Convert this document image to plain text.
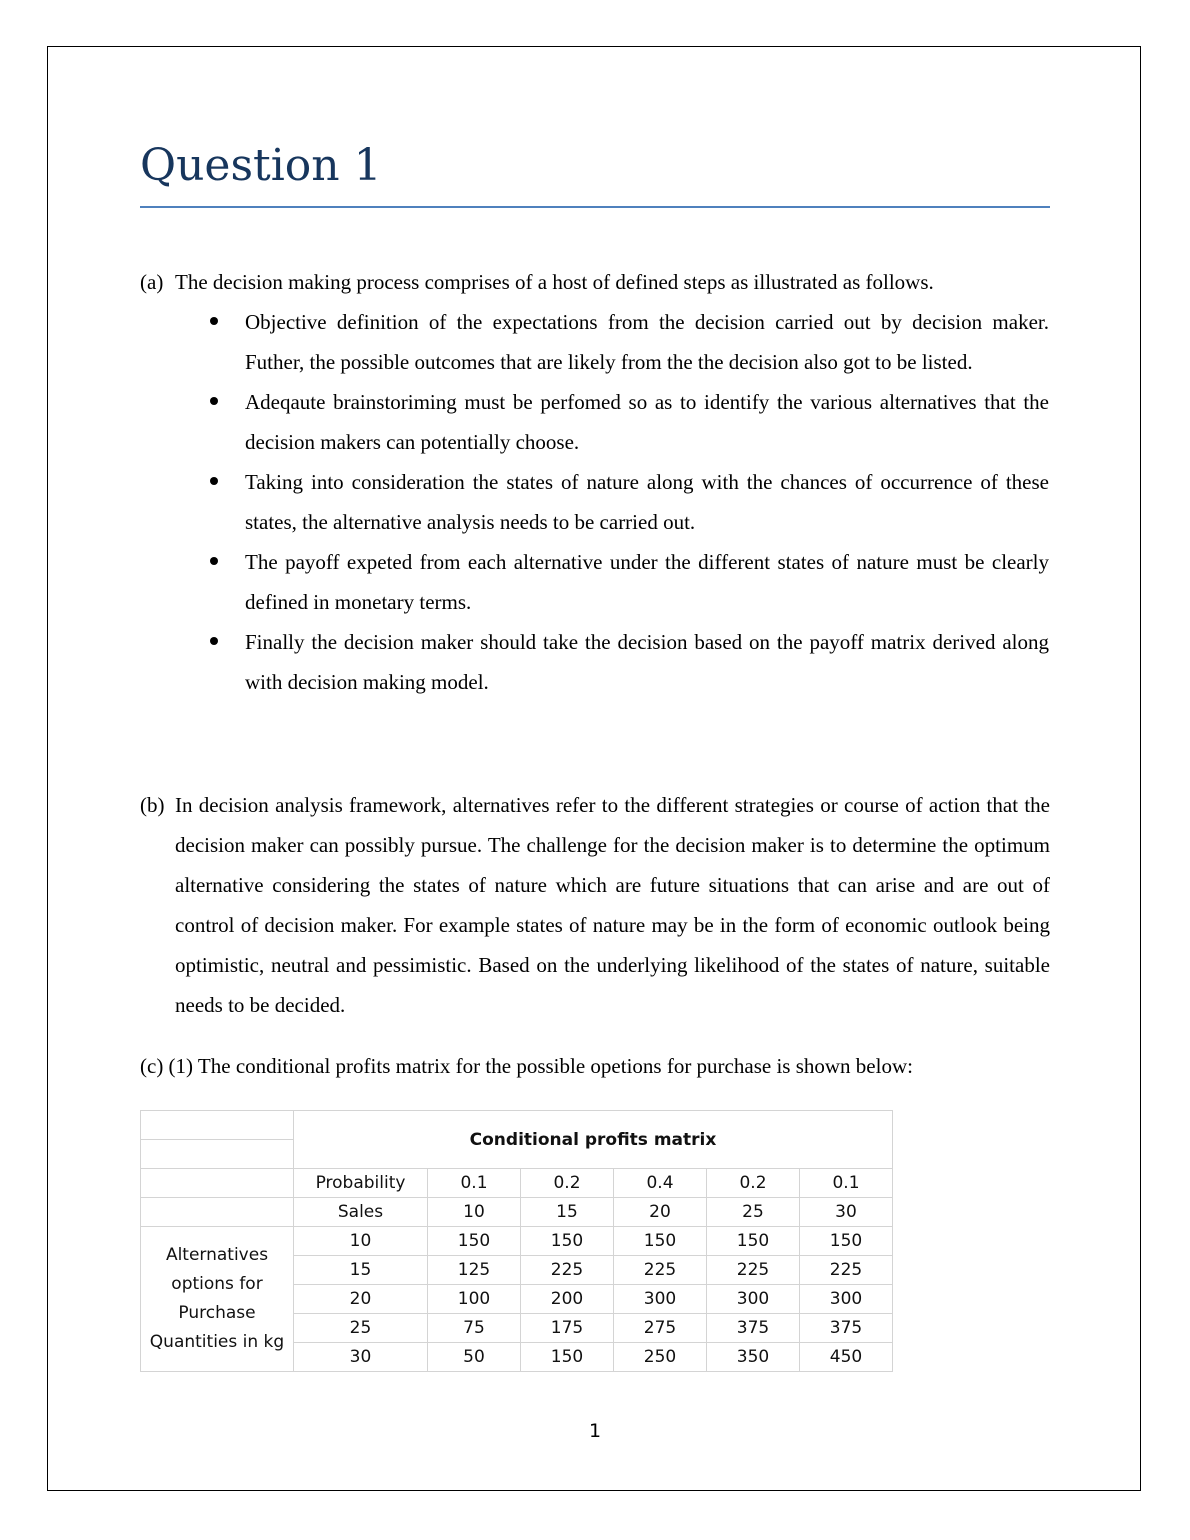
Question 1

(a) The decision making process comprises of a host of defined steps as illustrated as follows.

Objective definition of the expectations from the decision carried out by decision maker. Futher, the possible outcomes that are likely from the the decision also got to be listed.
Adeqaute brainstoriming must be perfomed so as to identify the various alternatives that the decision makers can potentially choose.
Taking into consideration the states of nature along with the chances of occurrence of these states, the alternative analysis needs to be carried out.
The payoff expeted from each alternative under the different states of nature must be clearly defined in monetary terms.
Finally the decision maker should take the decision based on the payoff matrix derived along with decision making model.
(b) In decision analysis framework, alternatives refer to the different strategies or course of action that the decision maker can possibly pursue. The challenge for the decision maker is to determine the optimum alternative considering the states of nature which are future situations that can arise and are out of control of decision maker. For example states of nature may be in the form of economic outlook being optimistic, neutral and pessimistic. Based on the underlying likelihood of the states of nature, suitable needs to be decided.

(c) (1) The conditional profits matrix for the possible opetions for purchase is shown below:

	Conditional profits matrix					

	Probability	0.1	0.2	0.4	0.2	0.1
	Sales	10	15	20	25	30

Alternatives
options for
Purchase
Quantities in kg	10	150	150	150	150	150
	15	125	225	225	225	225
	20	100	200	300	300	300
	25	75	175	275	375	375
	30	50	150	250	350	450
1
